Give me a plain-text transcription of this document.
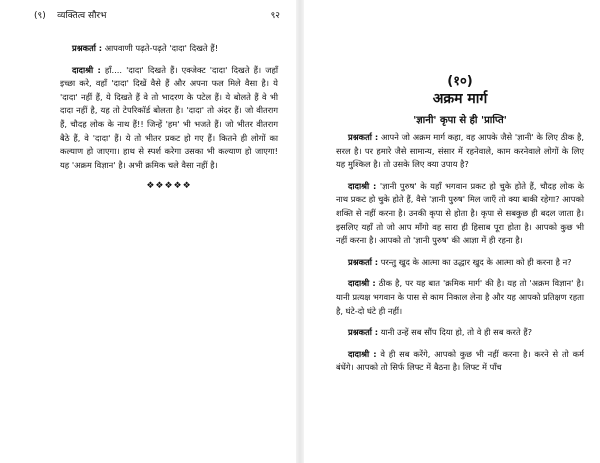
(९) व्यक्तित्व सौरभ	९२

प्रश्नकर्ता : आपवाणी पढ़ते-पढ़ते 'दादा' दिखते हैं!

दादाश्री : हाँ.... 'दादा' दिखते हैं। एक्जेक्ट 'दादा' दिखते हैं। जहाँ इच्छा करे, वहाँ 'दादा' दिखें वैसे हैं और अपना फल मिले वैसा है। ये 'दादा' नहीं हैं, ये दिखते हैं वे तो भादरण के पटेल हैं। ये बोलते हैं वे भी दादा नहीं है, यह तो टेपरिकॉर्ड बोलता है। 'दादा' तो अंदर हैं। जो वीतराग हैं, चौदह लोक के नाथ हैं!! जिन्हें 'हम' भी भजते हैं। जो भीतर वीतराग बैठे हैं, वे 'दादा' हैं। ये तो भीतर प्रकट हो गए हैं। कितने ही लोगों का कल्याण हो जाएगा। हाथ से स्पर्श करेगा उसका भी कल्याण हो जाएगा! यह 'अक्रम विज्ञान' है। अभी क्रमिक चले वैसा नहीं है।

❖❖❖❖❖
(१०)
अक्रम मार्ग
'ज्ञानी' कृपा से ही 'प्राप्ति'

प्रश्नकर्ता : आपने जो अक्रम मार्ग कहा, वह आपके जैसे 'ज्ञानी' के लिए ठीक है, सरल है। पर हमारे जैसे सामान्य, संसार में रहनेवाले, काम करनेवाले लोगों के लिए यह मुश्किल है। तो उसके लिए क्या उपाय है?

दादाश्री : 'ज्ञानी पुरुष' के यहाँ भगवान प्रकट हो चुके होते हैं, चौदह लोक के नाथ प्रकट हो चुके होते हैं, वैसे 'ज्ञानी पुरुष' मिल जाएँ तो क्या बाकी रहेगा? आपको शक्ति से नहीं करना है। उनकी कृपा से होता है। कृपा से सबकुछ ही बदल जाता है। इसलिए यहाँ तो जो आप माँगो वह सारा ही हिसाब पूरा होता है। आपको कुछ भी नहीं करना है। आपको तो 'ज्ञानी पुरुष' की आज्ञा में ही रहना है।

प्रश्नकर्ता : परन्तु खुद के आत्मा का उद्धार खुद के आत्मा को ही करना है न?

दादाश्री : ठीक है, पर यह बात 'क्रमिक मार्ग' की है। यह तो 'अक्रम विज्ञान' है। यानी प्रत्यक्ष भगवान के पास से काम निकाल लेना है और यह आपको प्रतिक्षण रहता है, घंटे-दो घंटे ही नहीं।

प्रश्नकर्ता : यानी उन्हें सब सौंप दिया हो, तो वे ही सब करते हैं?

दादाश्री : वे ही सब करेंगे, आपको कुछ भी नहीं करना है। करने से तो कर्म बंधेंगे। आपको तो सिर्फ लिफ्ट में बैठना है। लिफ्ट में पाँच
